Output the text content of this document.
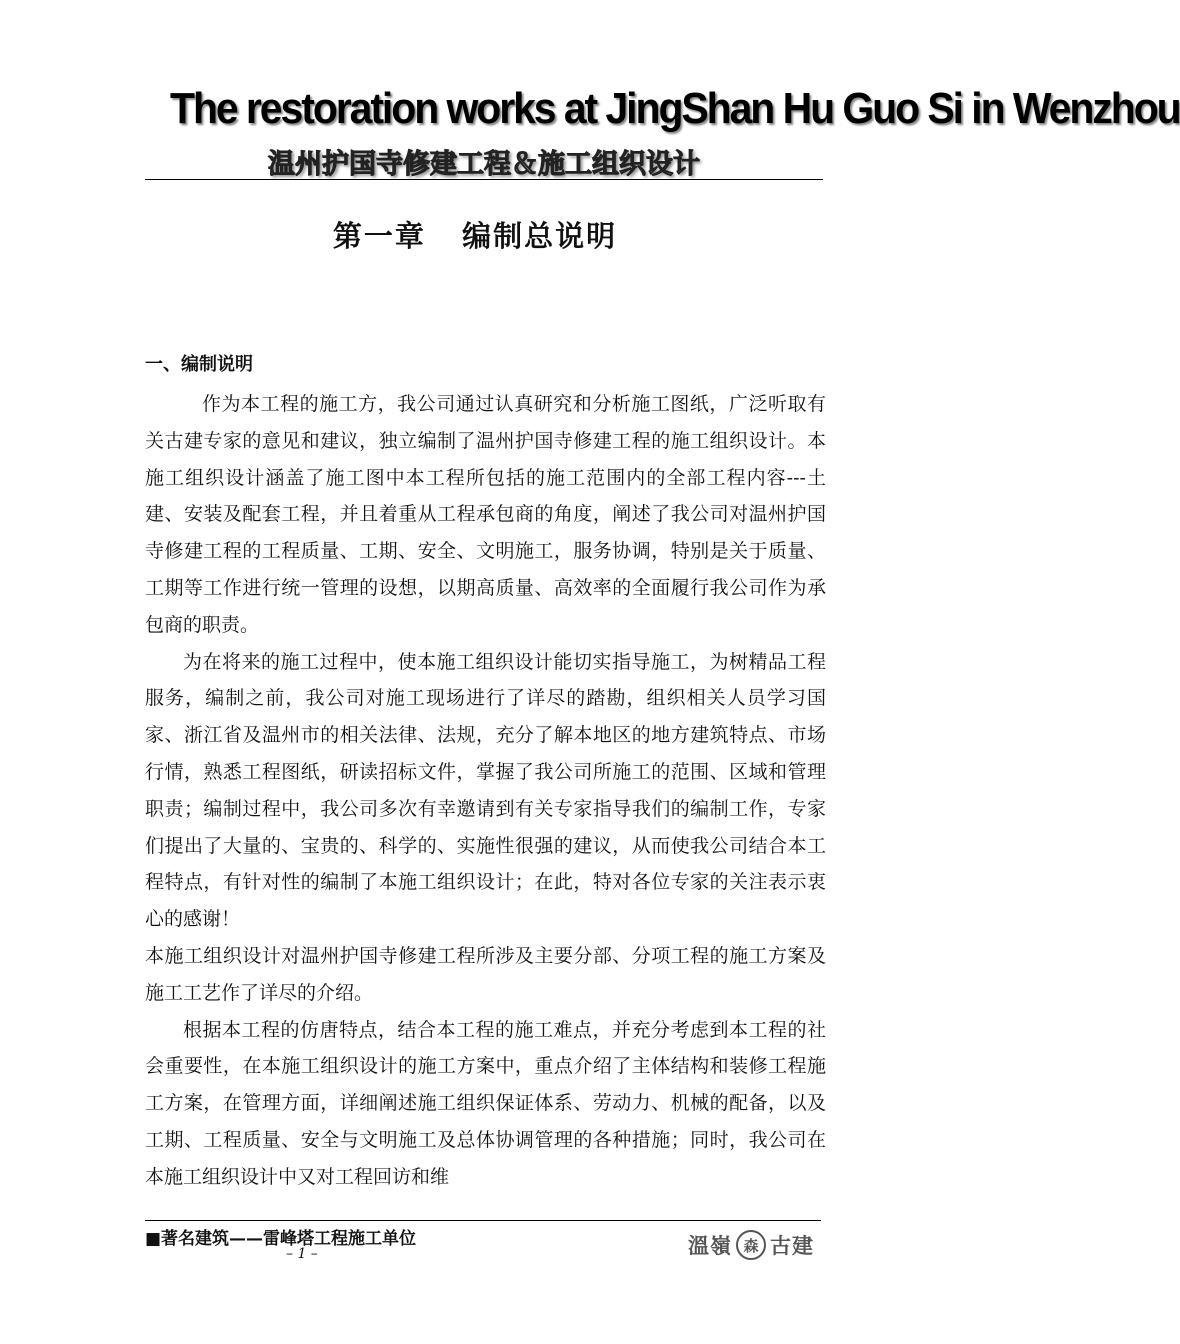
The restoration works at JingShan Hu Guo Si in Wenzhou
温州护国寺修建工程＆施工组织设计
第一章   编制总说明
一、编制说明

作为本工程的施工方，我公司通过认真研究和分析施工图纸，广泛听取有关古建专家的意见和建议，独立编制了温州护国寺修建工程的施工组织设计。本施工组织设计涵盖了施工图中本工程所包括的施工范围内的全部工程内容---土建、安装及配套工程，并且着重从工程承包商的角度，阐述了我公司对温州护国寺修建工程的工程质量、工期、安全、文明施工，服务协调，特别是关于质量、工期等工作进行统一管理的设想，以期高质量、高效率的全面履行我公司作为承包商的职责。

为在将来的施工过程中，使本施工组织设计能切实指导施工，为树精品工程服务，编制之前，我公司对施工现场进行了详尽的踏勘，组织相关人员学习国家、浙江省及温州市的相关法律、法规，充分了解本地区的地方建筑特点、市场行情，熟悉工程图纸，研读招标文件，掌握了我公司所施工的范围、区域和管理职责；编制过程中，我公司多次有幸邀请到有关专家指导我们的编制工作，专家们提出了大量的、宝贵的、科学的、实施性很强的建议，从而使我公司结合本工程特点，有针对性的编制了本施工组织设计；在此，特对各位专家的关注表示衷心的感谢！

本施工组织设计对温州护国寺修建工程所涉及主要分部、分项工程的施工方案及施工工艺作了详尽的介绍。

根据本工程的仿唐特点，结合本工程的施工难点，并充分考虑到本工程的社会重要性，在本施工组织设计的施工方案中，重点介绍了主体结构和装修工程施工方案，在管理方面，详细阐述施工组织保证体系、劳动力、机械的配备，以及工期、工程质量、安全与文明施工及总体协调管理的各种措施；同时，我公司在本施工组织设计中又对工程回访和维

■著名建筑——雷峰塔工程施工单位
– 1 –	溫嶺 森 古建
